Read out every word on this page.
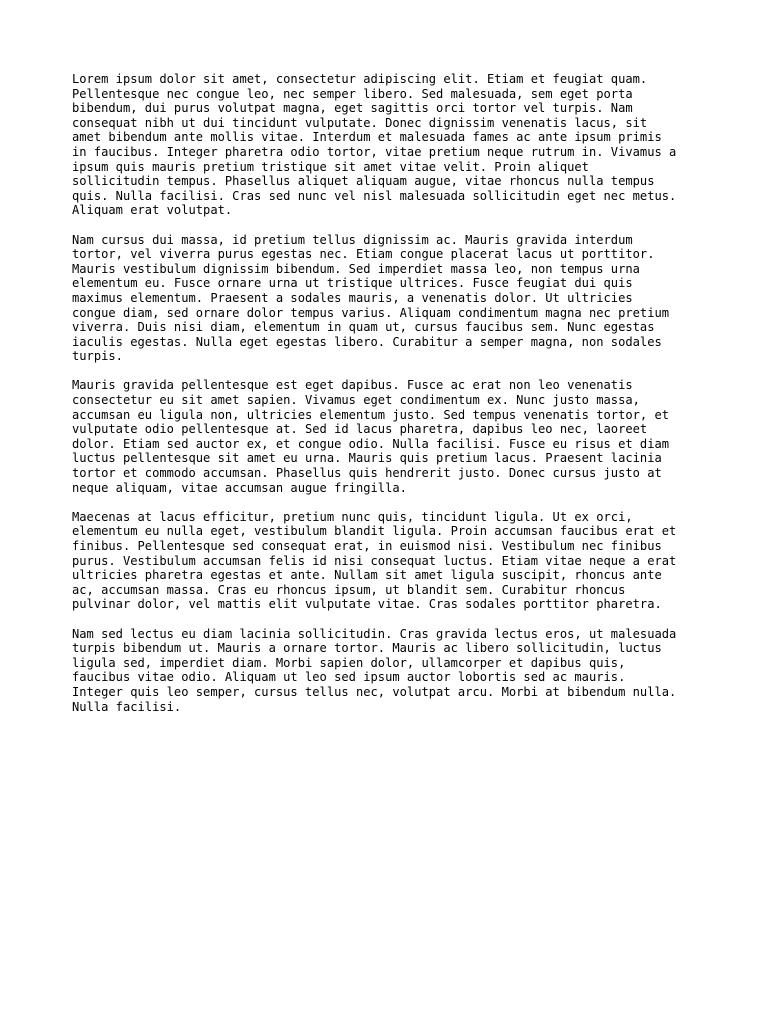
Lorem ipsum dolor sit amet, consectetur adipiscing elit. Etiam et feugiat quam.
Pellentesque nec congue leo, nec semper libero. Sed malesuada, sem eget porta
bibendum, dui purus volutpat magna, eget sagittis orci tortor vel turpis. Nam
consequat nibh ut dui tincidunt vulputate. Donec dignissim venenatis lacus, sit
amet bibendum ante mollis vitae. Interdum et malesuada fames ac ante ipsum primis
in faucibus. Integer pharetra odio tortor, vitae pretium neque rutrum in. Vivamus a
ipsum quis mauris pretium tristique sit amet vitae velit. Proin aliquet
sollicitudin tempus. Phasellus aliquet aliquam augue, vitae rhoncus nulla tempus
quis. Nulla facilisi. Cras sed nunc vel nisl malesuada sollicitudin eget nec metus.
Aliquam erat volutpat.

Nam cursus dui massa, id pretium tellus dignissim ac. Mauris gravida interdum
tortor, vel viverra purus egestas nec. Etiam congue placerat lacus ut porttitor.
Mauris vestibulum dignissim bibendum. Sed imperdiet massa leo, non tempus urna
elementum eu. Fusce ornare urna ut tristique ultrices. Fusce feugiat dui quis
maximus elementum. Praesent a sodales mauris, a venenatis dolor. Ut ultricies
congue diam, sed ornare dolor tempus varius. Aliquam condimentum magna nec pretium
viverra. Duis nisi diam, elementum in quam ut, cursus faucibus sem. Nunc egestas
iaculis egestas. Nulla eget egestas libero. Curabitur a semper magna, non sodales
turpis.

Mauris gravida pellentesque est eget dapibus. Fusce ac erat non leo venenatis
consectetur eu sit amet sapien. Vivamus eget condimentum ex. Nunc justo massa,
accumsan eu ligula non, ultricies elementum justo. Sed tempus venenatis tortor, et
vulputate odio pellentesque at. Sed id lacus pharetra, dapibus leo nec, laoreet
dolor. Etiam sed auctor ex, et congue odio. Nulla facilisi. Fusce eu risus et diam
luctus pellentesque sit amet eu urna. Mauris quis pretium lacus. Praesent lacinia
tortor et commodo accumsan. Phasellus quis hendrerit justo. Donec cursus justo at
neque aliquam, vitae accumsan augue fringilla.

Maecenas at lacus efficitur, pretium nunc quis, tincidunt ligula. Ut ex orci,
elementum eu nulla eget, vestibulum blandit ligula. Proin accumsan faucibus erat et
finibus. Pellentesque sed consequat erat, in euismod nisi. Vestibulum nec finibus
purus. Vestibulum accumsan felis id nisi consequat luctus. Etiam vitae neque a erat
ultricies pharetra egestas et ante. Nullam sit amet ligula suscipit, rhoncus ante
ac, accumsan massa. Cras eu rhoncus ipsum, ut blandit sem. Curabitur rhoncus
pulvinar dolor, vel mattis elit vulputate vitae. Cras sodales porttitor pharetra.

Nam sed lectus eu diam lacinia sollicitudin. Cras gravida lectus eros, ut malesuada
turpis bibendum ut. Mauris a ornare tortor. Mauris ac libero sollicitudin, luctus
ligula sed, imperdiet diam. Morbi sapien dolor, ullamcorper et dapibus quis,
faucibus vitae odio. Aliquam ut leo sed ipsum auctor lobortis sed ac mauris.
Integer quis leo semper, cursus tellus nec, volutpat arcu. Morbi at bibendum nulla.
Nulla facilisi.
